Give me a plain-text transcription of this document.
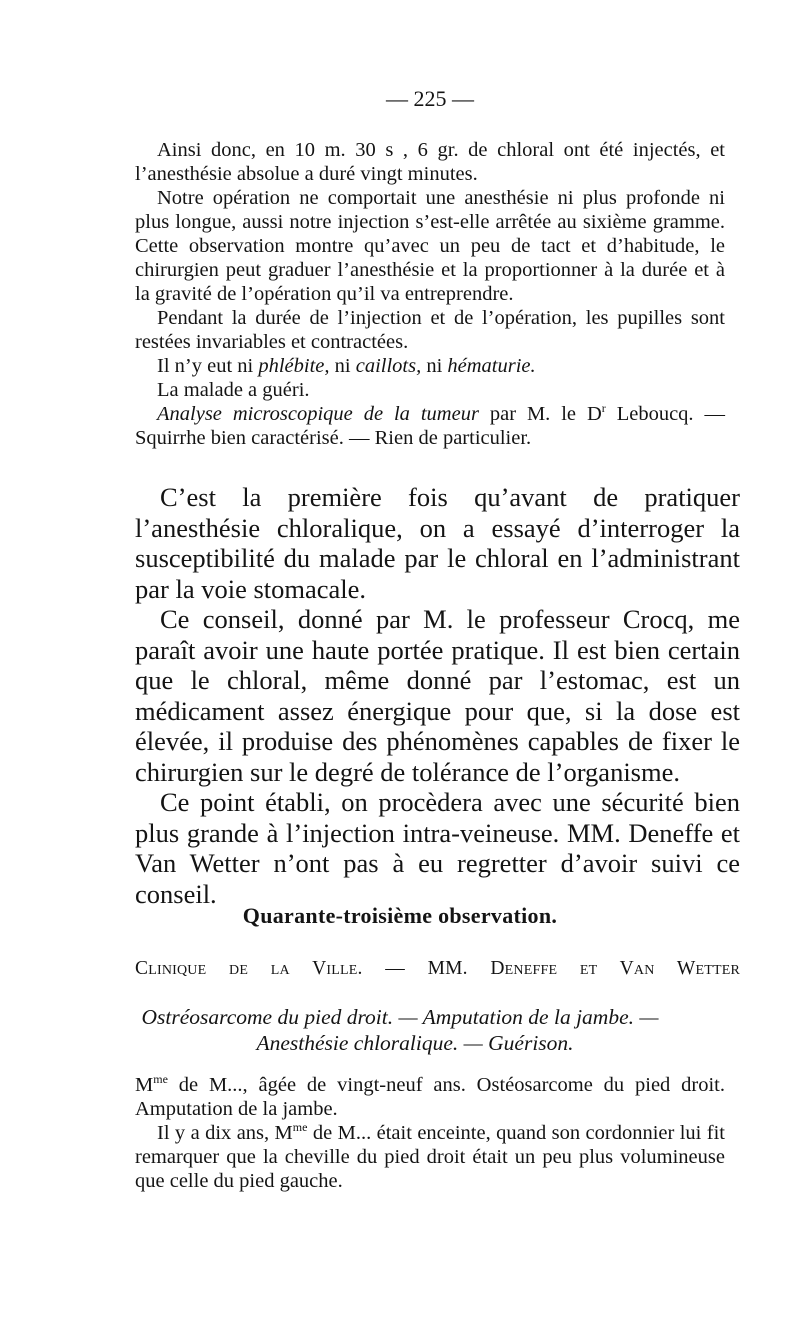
— 225 —

Ainsi donc, en 10 m. 30 s , 6 gr. de chloral ont été injectés, et l’anesthésie absolue a duré vingt minutes.

Notre opération ne comportait une anesthésie ni plus profonde ni plus longue, aussi notre injection s’est-elle arrêtée au sixième gramme. Cette observation montre qu’avec un peu de tact et d’habitude, le chirurgien peut graduer l’anesthésie et la proportionner à la durée et à la gravité de l’opération qu’il va entreprendre.

Pendant la durée de l’injection et de l’opération, les pupilles sont restées invariables et contractées.

Il n’y eut ni phlébite, ni caillots, ni hématurie.

La malade a guéri.

Analyse microscopique de la tumeur par M. le $D^r$ Leboucq. — Squirrhe bien caractérisé. — Rien de particulier.

C’est la première fois qu’avant de pratiquer l’anesthésie chloralique, on a essayé d’interroger la susceptibilité du malade par le chloral en l’administrant par la voie stomacale.

Ce conseil, donné par M. le professeur Crocq, me paraît avoir une haute portée pratique. Il est bien certain que le chloral, même donné par l’estomac, est un médicament assez énergique pour que, si la dose est élevée, il produise des phénomènes capables de fixer le chirurgien sur le degré de tolérance de l’organisme.

Ce point établi, on procèdera avec une sécurité bien plus grande à l’injection intra-veineuse. MM. Deneffe et Van Wetter n’ont pas à eu regretter d’avoir suivi ce conseil.

Quarante-troisième observation.
Clinique de la Ville. — MM. Deneffe et Van Wetter
Ostréosarcome du pied droit. — Amputation de la jambe. —
Anesthésie chloralique. — Guérison.

$M^{me}$ de M..., âgée de vingt-neuf ans. Ostéosarcome du pied droit. Amputation de la jambe.

Il y a dix ans, $M^{me}$ de M... était enceinte, quand son cordonnier lui fit remarquer que la cheville du pied droit était un peu plus volumineuse que celle du pied gauche.
